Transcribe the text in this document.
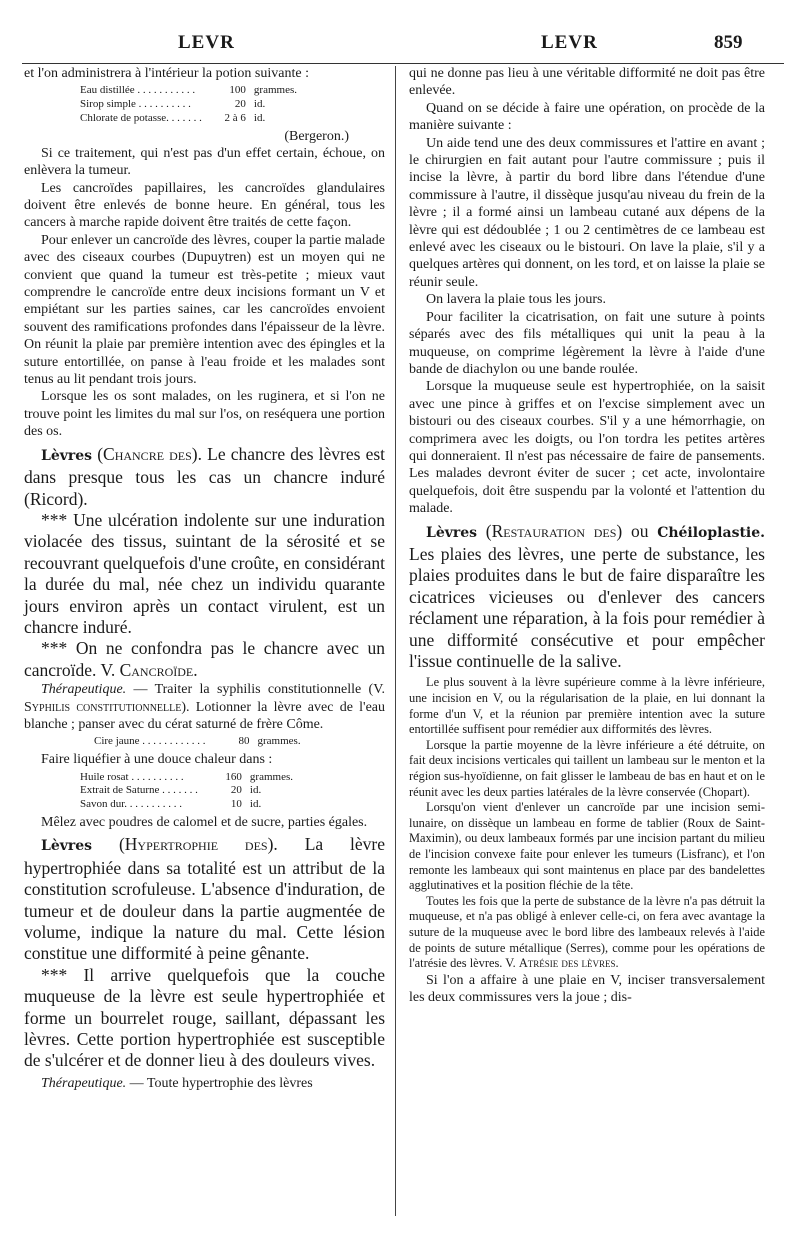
LEVR	LEVR	859

et l'on administrera à l'intérieur la potion suivante :

Eau distillée . . . . . . . . . . .	100	grammes.
Sirop simple . . . . . . . . . .	20	id.
Chlorate de potasse. . . . . . .	2 à 6	id.
(Bergeron.)

Si ce traitement, qui n'est pas d'un effet certain, échoue, on enlèvera la tumeur.

Les cancroïdes papillaires, les cancroïdes glandulaires doivent être enlevés de bonne heure. En général, tous les cancers à marche rapide doivent être traités de cette façon.

Pour enlever un cancroïde des lèvres, couper la partie malade avec des ciseaux courbes (Dupuytren) est un moyen qui ne convient que quand la tumeur est très-petite ; mieux vaut comprendre le cancroïde entre deux incisions formant un V et empiétant sur les parties saines, car les cancroïdes envoient souvent des ramifications profondes dans l'épaisseur de la lèvre. On réunit la plaie par première intention avec des épingles et la suture entortillée, on panse à l'eau froide et les malades sont tenus au lit pendant trois jours.

Lorsque les os sont malades, on les ruginera, et si l'on ne trouve point les limites du mal sur l'os, on reséquera une portion des os.

Lèvres (Chancre des). Le chancre des lèvres est dans presque tous les cas un chancre induré (Ricord).

*** Une ulcération indolente sur une induration violacée des tissus, suintant de la sérosité et se recouvrant quelquefois d'une croûte, en considérant la durée du mal, née chez un individu quarante jours environ après un contact virulent, est un chancre induré.

*** On ne confondra pas le chancre avec un cancroïde. V. Cancroïde.

Thérapeutique. — Traiter la syphilis constitutionnelle (V. Syphilis constitutionnelle). Lotionner la lèvre avec de l'eau blanche ; panser avec du cérat saturné de frère Côme.

Cire jaune . . . . . . . . . . . .	80	grammes.

Faire liquéfier à une douce chaleur dans :

Huile rosat . . . . . . . . . .	160	grammes.
Extrait de Saturne . . . . . . .	20	id.
Savon dur. . . . . . . . . . .	10	id.

Mêlez avec poudres de calomel et de sucre, parties égales.

Lèvres (Hypertrophie des). La lèvre hypertrophiée dans sa totalité est un attribut de la constitution scrofuleuse. L'absence d'induration, de tumeur et de douleur dans la partie augmentée de volume, indique la nature du mal. Cette lésion constitue une difformité à peine gênante.

*** Il arrive quelquefois que la couche muqueuse de la lèvre est seule hypertrophiée et forme un bourrelet rouge, saillant, dépassant les lèvres. Cette portion hypertrophiée est susceptible de s'ulcérer et de donner lieu à des douleurs vives.

Thérapeutique. — Toute hypertrophie des lèvres

qui ne donne pas lieu à une véritable difformité ne doit pas être enlevée.

Quand on se décide à faire une opération, on procède de la manière suivante :

Un aide tend une des deux commissures et l'attire en avant ; le chirurgien en fait autant pour l'autre commissure ; puis il incise la lèvre, à partir du bord libre dans l'étendue d'une commissure à l'autre, il dissèque jusqu'au niveau du frein de la lèvre ; il a formé ainsi un lambeau cutané aux dépens de la lèvre qui est dédoublée ; 1 ou 2 centimètres de ce lambeau est enlevé avec les ciseaux ou le bistouri. On lave la plaie, s'il y a quelques artères qui donnent, on les tord, et on laisse la plaie se réunir seule.

On lavera la plaie tous les jours.

Pour faciliter la cicatrisation, on fait une suture à points séparés avec des fils métalliques qui unit la peau à la muqueuse, on comprime légèrement la lèvre à l'aide d'une bande de diachylon ou une bande roulée.

Lorsque la muqueuse seule est hypertrophiée, on la saisit avec une pince à griffes et on l'excise simplement avec un bistouri ou des ciseaux courbes. S'il y a une hémorrhagie, on comprimera avec les doigts, ou l'on tordra les petites artères qui donneraient. Il n'est pas nécessaire de faire de pansements. Les malades devront éviter de sucer ; cet acte, involontaire quelquefois, doit être suspendu par la volonté et l'attention du malade.

Lèvres (Restauration des) ou Chéiloplastie. Les plaies des lèvres, une perte de substance, les plaies produites dans le but de faire disparaître les cicatrices vicieuses ou d'enlever des cancers réclament une réparation, à la fois pour remédier à une difformité consécutive et pour empêcher l'issue continuelle de la salive.

Le plus souvent à la lèvre supérieure comme à la lèvre inférieure, une incision en V, ou la régularisation de la plaie, en lui donnant la forme d'un V, et la réunion par première intention avec la suture entortillée suffisent pour remédier aux difformités des lèvres.

Lorsque la partie moyenne de la lèvre inférieure a été détruite, on fait deux incisions verticales qui taillent un lambeau sur le menton et la région sus-hyoïdienne, on fait glisser le lambeau de bas en haut et on le réunit avec les deux parties latérales de la lèvre conservée (Chopart).

Lorsqu'on vient d'enlever un cancroïde par une incision semi-lunaire, on dissèque un lambeau en forme de tablier (Roux de Saint-Maximin), ou deux lambeaux formés par une incision partant du milieu de l'incision convexe faite pour enlever les tumeurs (Lisfranc), et l'on remonte les lambeaux qui sont maintenus en place par des bandelettes agglutinatives et la position fléchie de la tête.

Toutes les fois que la perte de substance de la lèvre n'a pas détruit la muqueuse, et n'a pas obligé à enlever celle-ci, on fera avec avantage la suture de la muqueuse avec le bord libre des lambeaux relevés à l'aide de points de suture métallique (Serres), comme pour les opérations de l'atrésie des lèvres. V. Atrésie des lèvres.

Si l'on a affaire à une plaie en V, inciser transversalement les deux commissures vers la joue ; dis-
